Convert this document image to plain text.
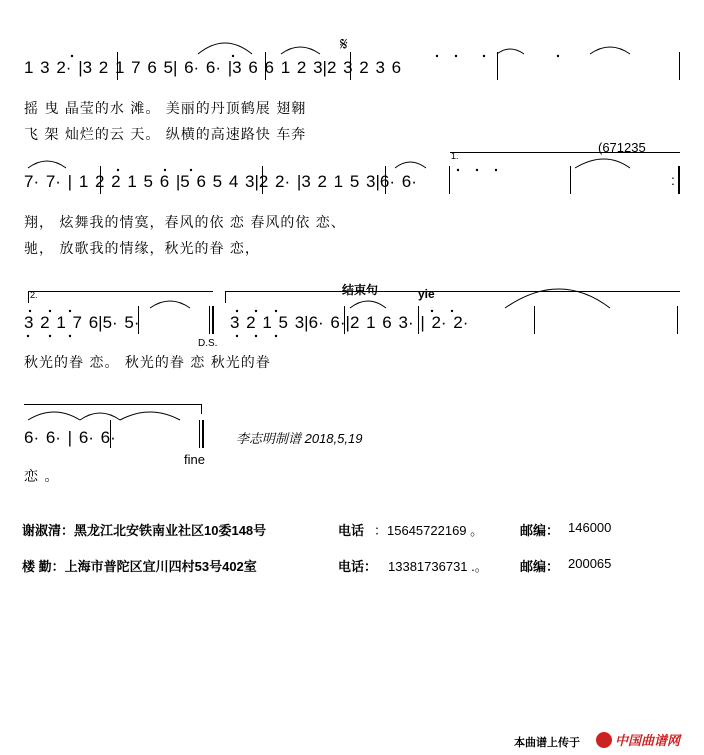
𝄋
1 3 2· |3 2 1 7 6 5| 6· 6· |3 6 6 1 2 3|2 3 2 3 6
摇 曳 晶莹的水 滩。 美丽的丹顶鹤展 翅翱
飞 架 灿烂的云 天。 纵横的高速路快 车奔
1.
(671235
7· 7· | 1 2 2 1 5 6 |5 6 5 4 3|2 2· |3 2 1 5 3|6· 6·	:
翔， 炫舞我的情寞，春风的依 恋 春风的依 恋、
驰， 放歌我的情缘，秋光的眷 恋，
2.	结束句	yie
3 2 1 7 6|5· 5·
D.S.
3 2 1 5 3|6· 6·|2 1 6 3· | 2· 2·
秋光的眷 恋。 秋光的眷 恋 秋光的眷
6· 6· | 6· 6·
fine
李志明制谱 2018,5,19
恋 。
谢淑清：黑龙江北安铁南业社区10委148号	电话 ：15645722169 。	邮编： 146000
楼 勤：上海市普陀区宜川四村53号402室	电话： 13381736731 .。 邮编： 200065
本曲谱上传于	中国曲谱网
